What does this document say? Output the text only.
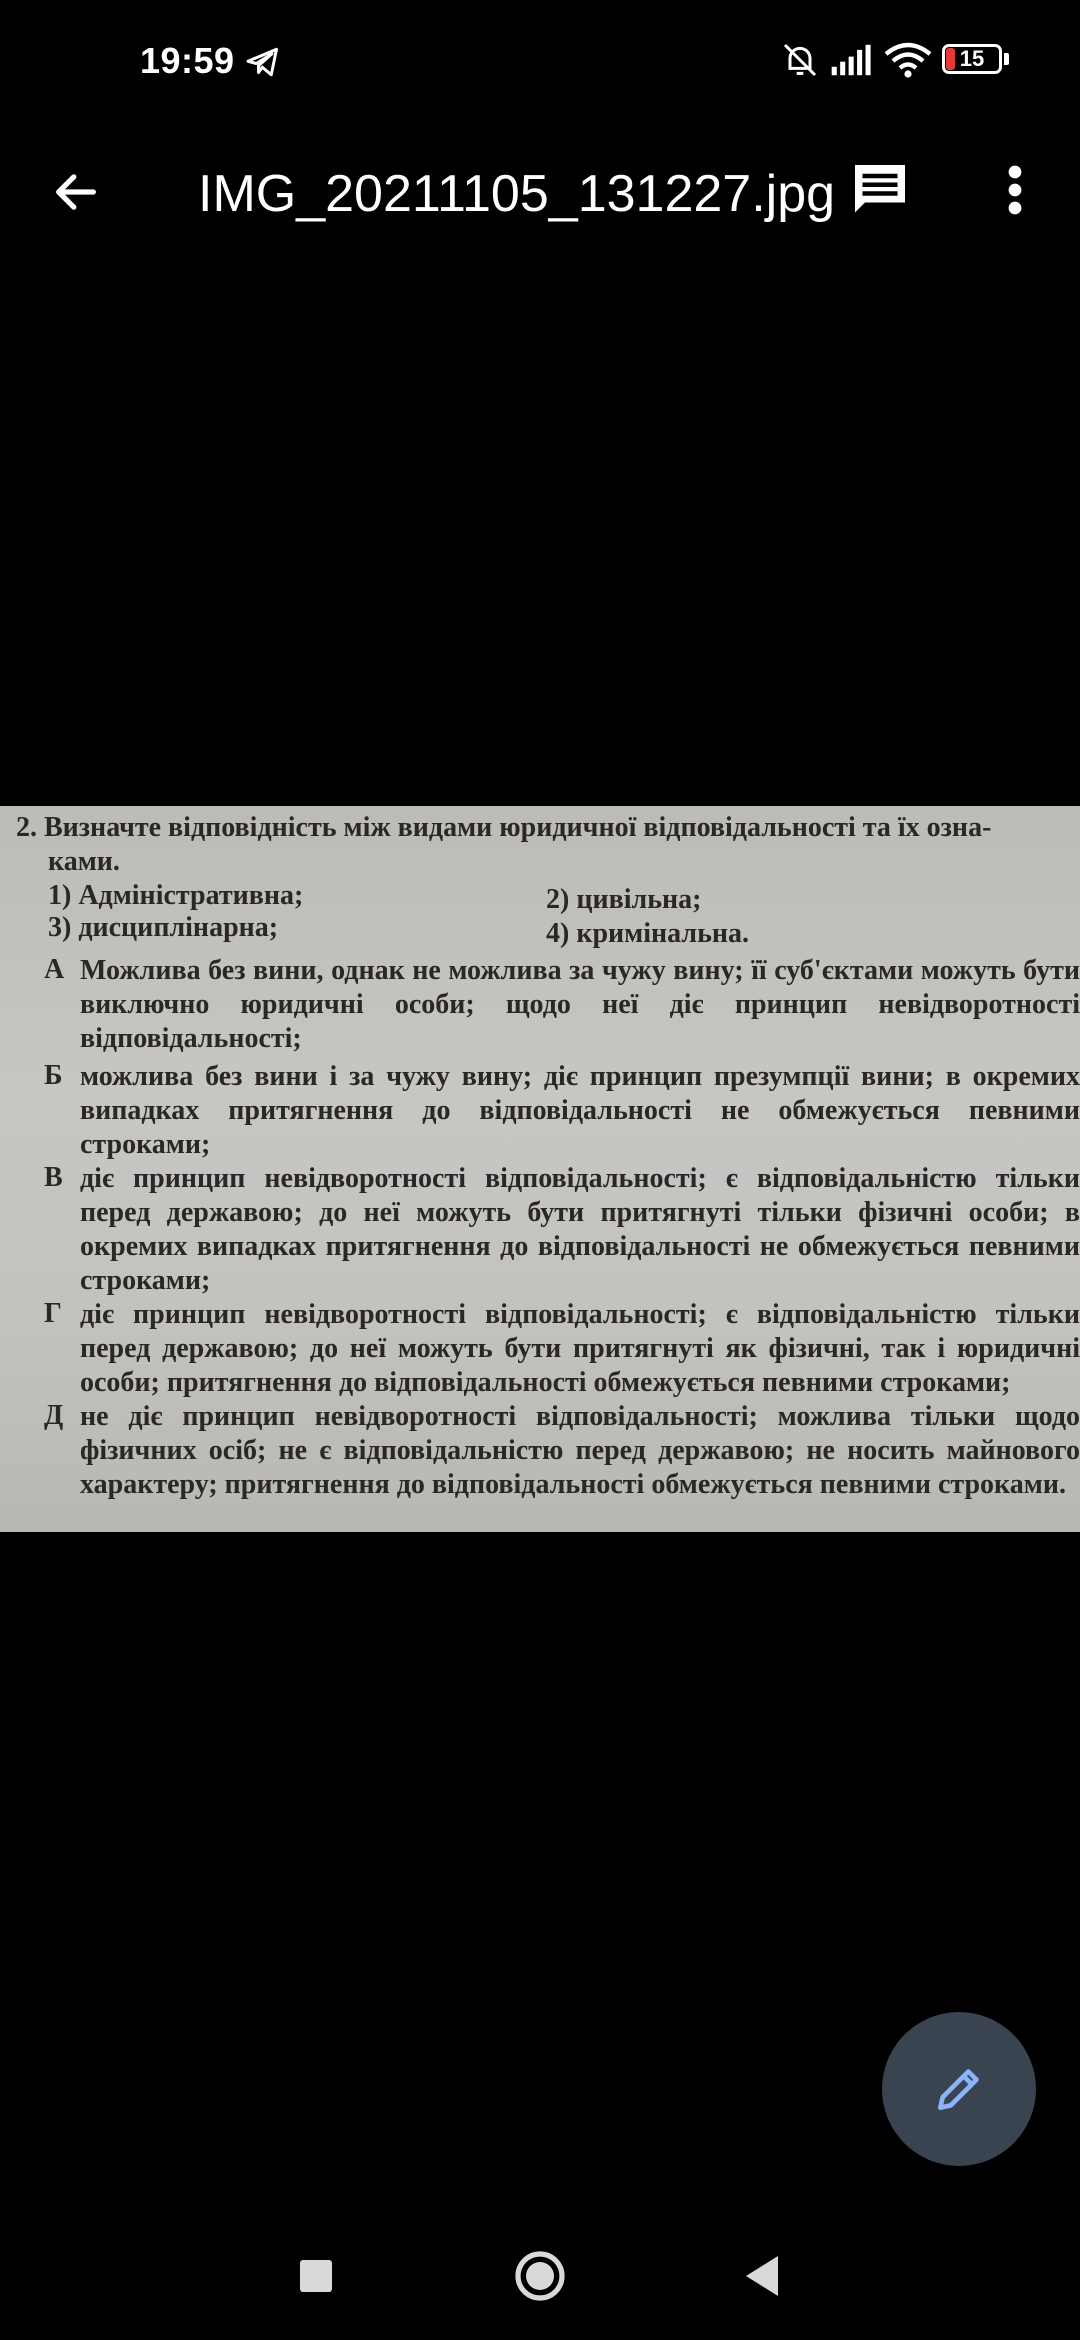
19:59	15
IMG_20211105_131227.jpg
2. Визначте відповідність між видами юридичної відповідальності та їх озна-
ками.
1) Адміністративна;	2) цивільна;
3) дисциплінарна;	4) кримінальна.
А Можлива без вини, однак не можлива за чужу вину; її суб'єктами можуть бути виключно юридичні особи; щодо неї діє принцип невідворотності відповідальності;
Б можлива без вини і за чужу вину; діє принцип презумпції вини; в окремих випадках притягнення до відповідальності не обмежується певними строками;
В діє принцип невідворотності відповідальності; є відповідальністю тільки перед державою; до неї можуть бути притягнуті тільки фізичні особи; в окремих випадках притягнення до відповідальності не обмежується певними строками;
Г діє принцип невідворотності відповідальності; є відповідальністю тільки перед державою; до неї можуть бути притягнуті як фізичні, так і юридичні особи; притягнення до відповідальності обмежується певними строками;
Д не діє принцип невідворотності відповідальності; можлива тільки щодо фізичних осіб; не є відповідальністю перед державою; не носить майнового характеру; притягнення до відповідальності обмежується певними строками.
